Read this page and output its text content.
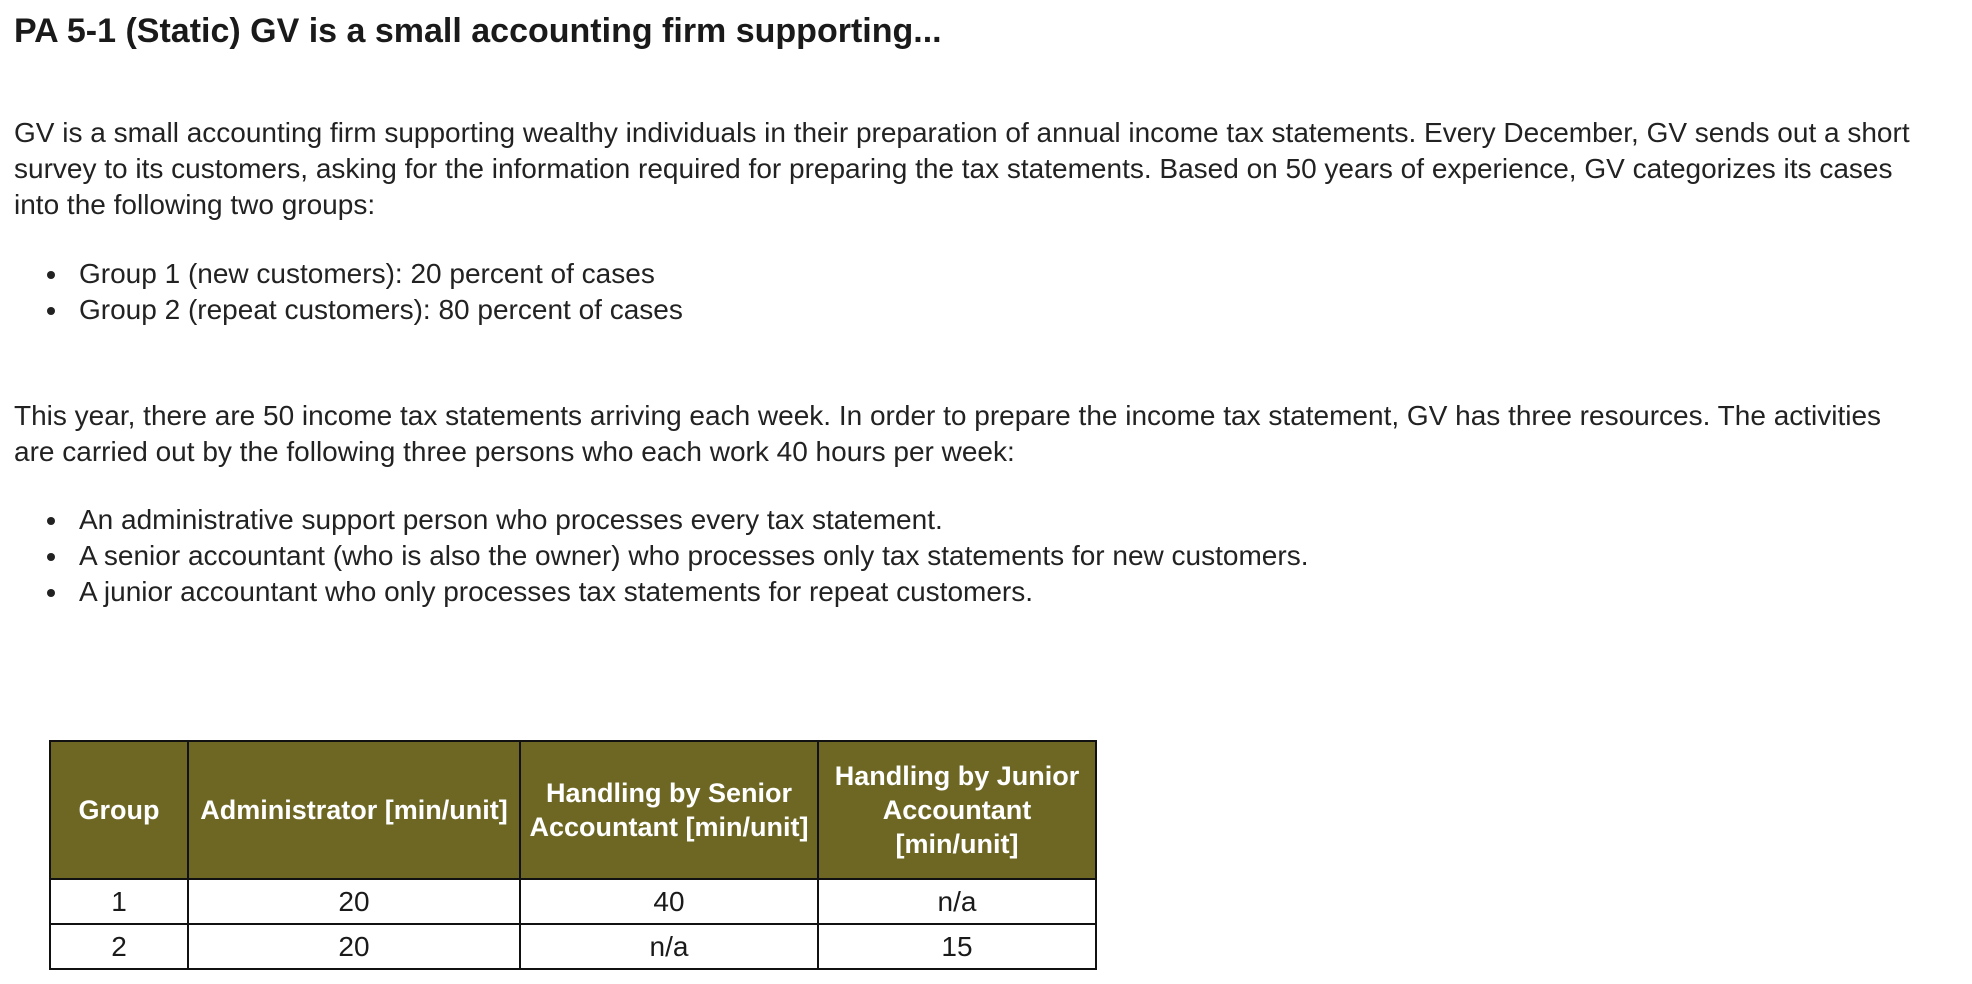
PA 5-1 (Static) GV is a small accounting firm supporting...

GV is a small accounting firm supporting wealthy individuals in their preparation of annual income tax statements. Every December, GV sends out a short survey to its customers, asking for the information required for preparing the tax statements. Based on 50 years of experience, GV categorizes its cases into the following two groups:

Group 1 (new customers): 20 percent of cases
Group 2 (repeat customers): 80 percent of cases

This year, there are 50 income tax statements arriving each week. In order to prepare the income tax statement, GV has three resources. The activities are carried out by the following three persons who each work 40 hours per week:

An administrative support person who processes every tax statement.
A senior accountant (who is also the owner) who processes only tax statements for new customers.
A junior accountant who only processes tax statements for repeat customers.
Group	Administrator [min/unit]	Handling by Senior Accountant [min/unit]	Handling by Junior Accountant [min/unit]
1	20	40	n/a
2	20	n/a	15
